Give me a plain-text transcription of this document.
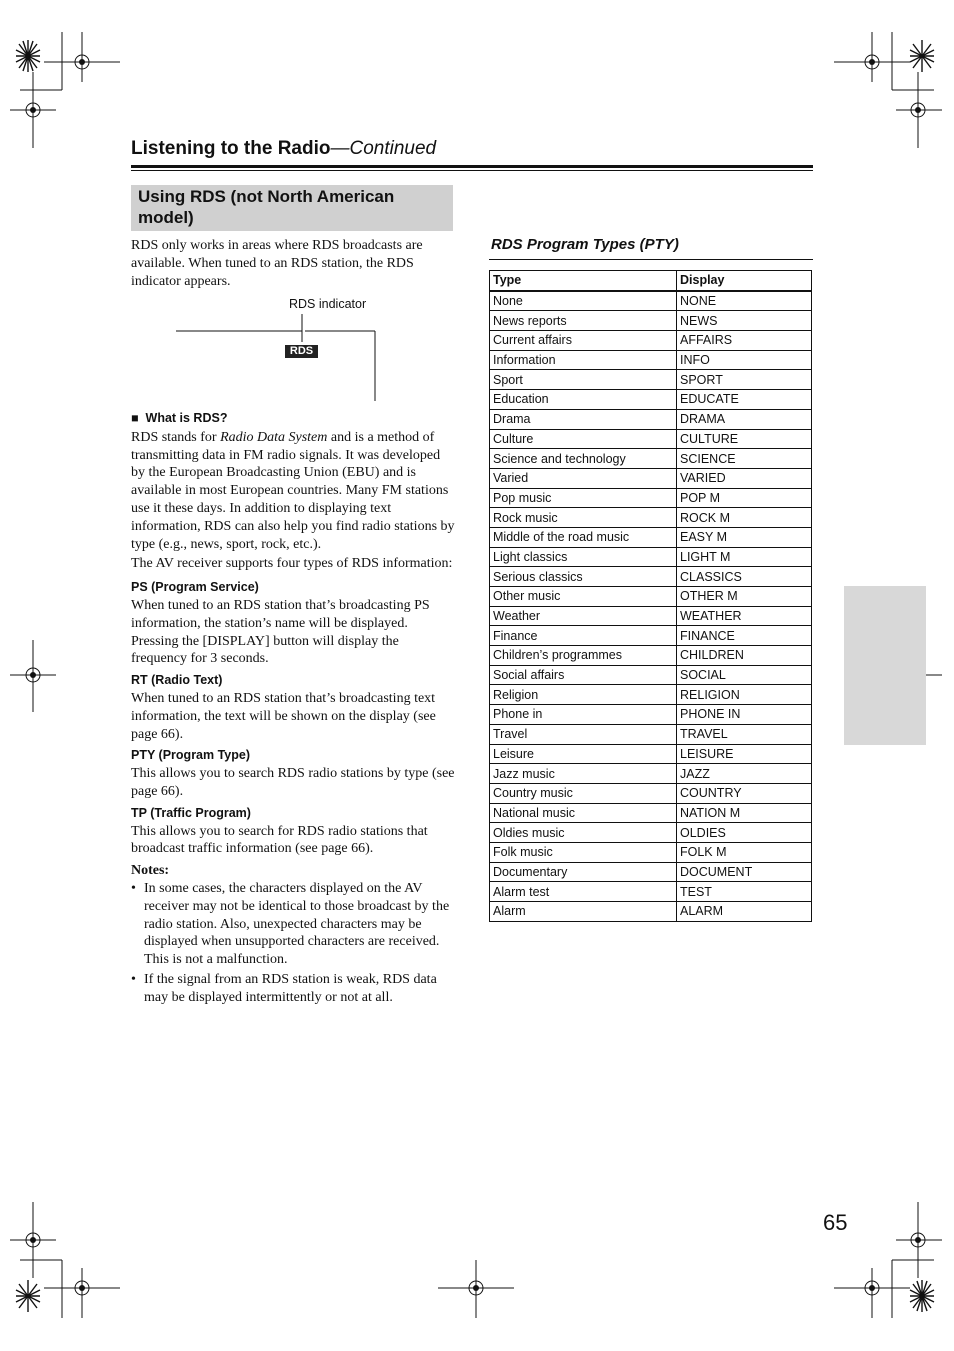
Listening to the Radio—Continued
Using RDS (not North American model)
RDS only works in areas where RDS broadcasts are available. When tuned to an RDS station, the RDS indicator appears.
RDS indicator
RDS
■ What is RDS?

RDS stands for Radio Data System and is a method of transmitting data in FM radio signals. It was developed by the European Broadcasting Union (EBU) and is available in most European countries. Many FM stations use it these days. In addition to displaying text information, RDS can also help you find radio stations by type (e.g., news, sport, rock, etc.).

The AV receiver supports four types of RDS information:

PS (Program Service)

When tuned to an RDS station that’s broadcasting PS information, the station’s name will be displayed. Pressing the [DISPLAY] button will display the frequency for 3 seconds.

RT (Radio Text)

When tuned to an RDS station that’s broadcasting text information, the text will be shown on the display (see page 66).

PTY (Program Type)

This allows you to search RDS radio stations by type (see page 66).

TP (Traffic Program)

This allows you to search for RDS radio stations that broadcast traffic information (see page 66).

Notes:
• In some cases, the characters displayed on the AV receiver may not be identical to those broadcast by the radio station. Also, unexpected characters may be displayed when unsupported characters are received. This is not a malfunction.
• If the signal from an RDS station is weak, RDS data may be displayed intermittently or not at all.
RDS Program Types (PTY)
Type	Display
None	NONE
News reports	NEWS
Current affairs	AFFAIRS
Information	INFO
Sport	SPORT
Education	EDUCATE
Drama	DRAMA
Culture	CULTURE
Science and technology	SCIENCE
Varied	VARIED
Pop music	POP M
Rock music	ROCK M
Middle of the road music	EASY M
Light classics	LIGHT M
Serious classics	CLASSICS
Other music	OTHER M
Weather	WEATHER
Finance	FINANCE
Children’s programmes	CHILDREN
Social affairs	SOCIAL
Religion	RELIGION
Phone in	PHONE IN
Travel	TRAVEL
Leisure	LEISURE
Jazz music	JAZZ
Country music	COUNTRY
National music	NATION M
Oldies music	OLDIES
Folk music	FOLK M
Documentary	DOCUMENT
Alarm test	TEST
Alarm	ALARM
65
